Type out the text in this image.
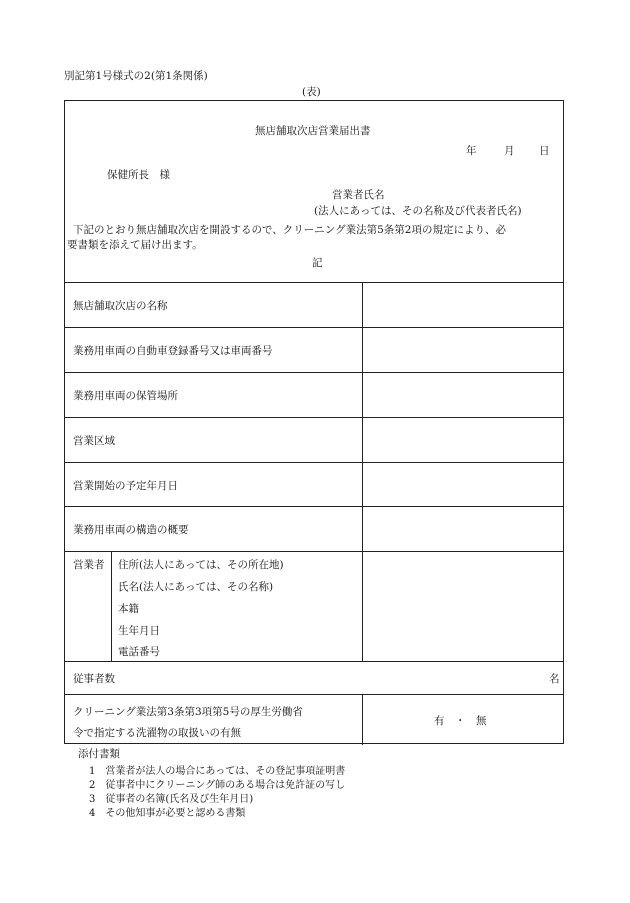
別記第1号様式の2(第1条関係)
(表)
無店舗取次店営業届出書
年	月 日
保健所長　様
営業者氏名
(法人にあっては、その名称及び代表者氏名)
下記のとおり無店舗取次店を開設するので、クリーニング業法第5条第2項の規定により、必
要書類を添えて届け出ます。
記
無店舗取次店の名称
業務用車両の自動車登録番号又は車両番号
業務用車両の保管場所
営業区域
営業開始の予定年月日
業務用車両の構造の概要
営業者 住所(法人にあっては、その所在地)
氏名(法人にあっては、その名称)
本籍
生年月日
電話番号
従事者数	名
クリーニング業法第3条第3項第5号の厚生労働省
令で指定する洗濯物の取扱いの有無
有　・　無
添付書類
1　営業者が法人の場合にあっては、その登記事項証明書
2　従事者中にクリーニング師のある場合は免許証の写し
3　従事者の名簿(氏名及び生年月日)
4　その他知事が必要と認める書類
